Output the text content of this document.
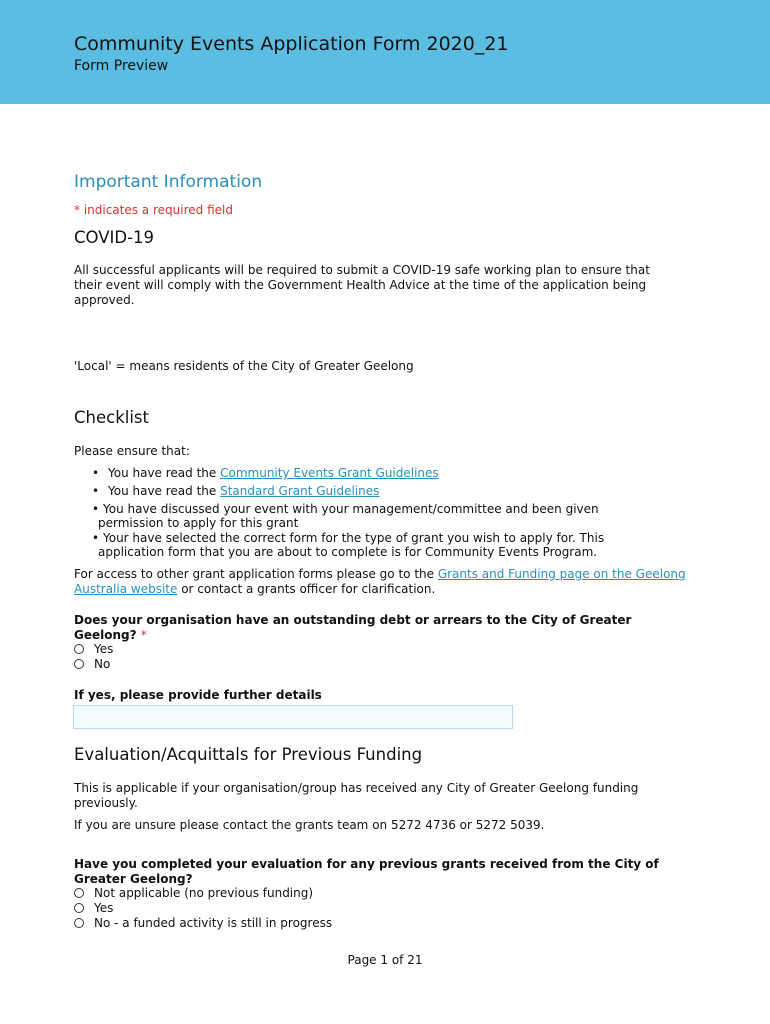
Community Events Application Form 2020_21
Form Preview
Important Information
* indicates a required field
COVID-19
All successful applicants will be required to submit a COVID-19 safe working plan to ensure that their event will comply with the Government Health Advice at the time of the application being approved.
'Local' = means residents of the City of Greater Geelong
Checklist
Please ensure that:
• You have read the Community Events Grant Guidelines
• You have read the Standard Grant Guidelines
• You have discussed your event with your management/committee and been given
permission to apply for this grant
• Your have selected the correct form for the type of grant you wish to apply for. This
application form that you are about to complete is for Community Events Program.
For access to other grant application forms please go to the Grants and Funding page on the Geelong Australia website or contact a grants officer for clarification.
Does your organisation have an outstanding debt or arrears to the City of Greater Geelong? *
Yes
No
If yes, please provide further details
Evaluation/Acquittals for Previous Funding
This is applicable if your organisation/group has received any City of Greater Geelong funding previously.
If you are unsure please contact the grants team on 5272 4736 or 5272 5039.
Have you completed your evaluation for any previous grants received from the City of Greater Geelong?
Not applicable (no previous funding)
Yes
No - a funded activity is still in progress
Page 1 of 21
